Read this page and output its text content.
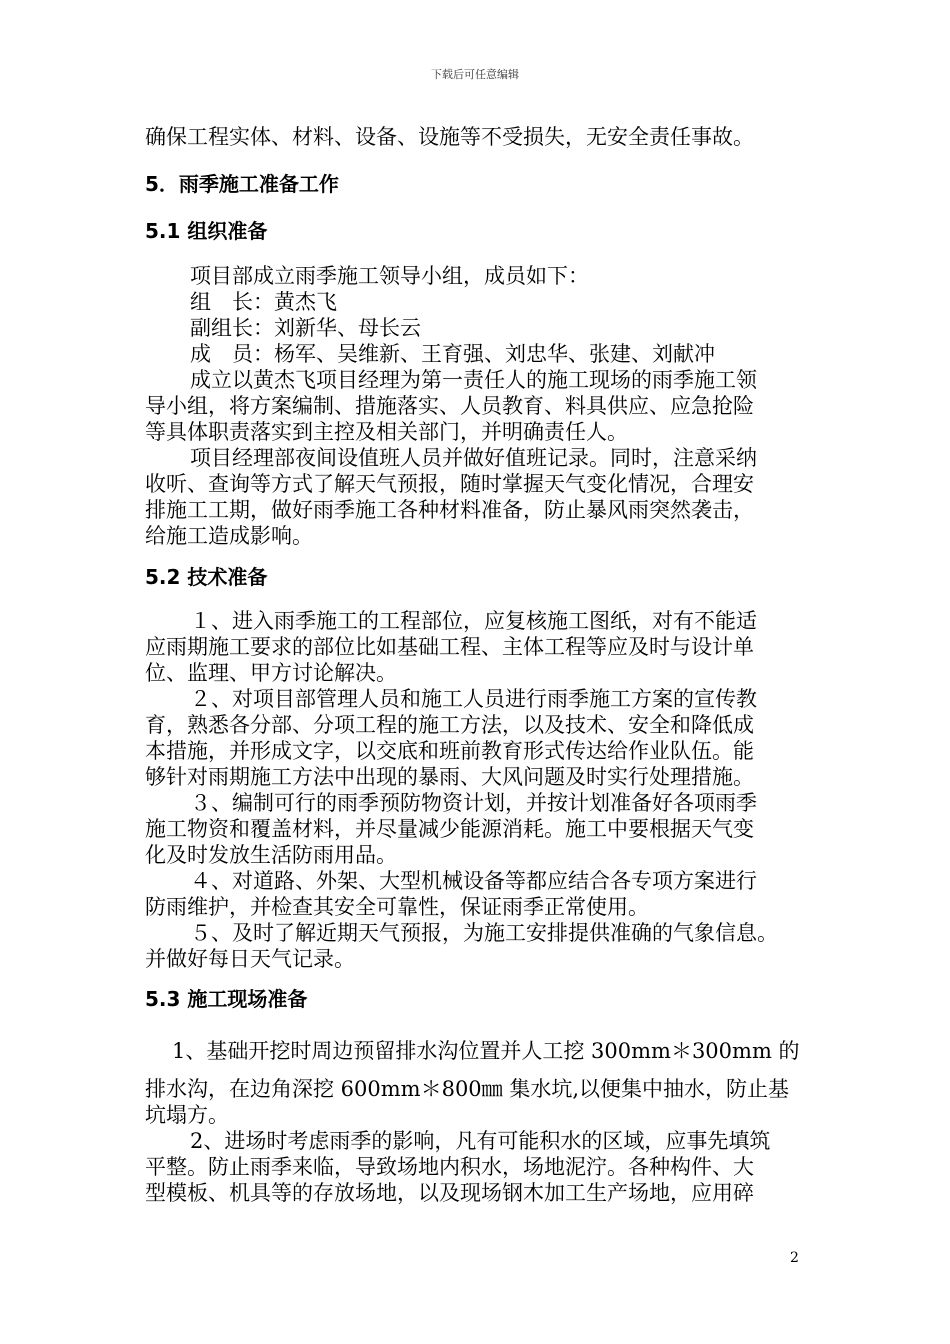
下载后可任意编辑
确保工程实体、材料、设备、设施等不受损失，无安全责任事故。
5．雨季施工准备工作
5.1 组织准备
项目部成立雨季施工领导小组，成员如下：
组　长：黄杰飞
副组长：刘新华、母长云
成　员：杨军、吴维新、王育强、刘忠华、张建、刘献冲
成立以黄杰飞项目经理为第一责任人的施工现场的雨季施工领
导小组，将方案编制、措施落实、人员教育、料具供应、应急抢险
等具体职责落实到主控及相关部门，并明确责任人。
项目经理部夜间设值班人员并做好值班记录。同时，注意采纳
收听、查询等方式了解天气预报，随时掌握天气变化情况，合理安
排施工工期，做好雨季施工各种材料准备，防止暴风雨突然袭击，
给施工造成影响。
5.2 技术准备
１、进入雨季施工的工程部位，应复核施工图纸，对有不能适
应雨期施工要求的部位比如基础工程、主体工程等应及时与设计单
位、监理、甲方讨论解决。
２、对项目部管理人员和施工人员进行雨季施工方案的宣传教
育，熟悉各分部、分项工程的施工方法，以及技术、安全和降低成
本措施，并形成文字，以交底和班前教育形式传达给作业队伍。能
够针对雨期施工方法中出现的暴雨、大风问题及时实行处理措施。
３、编制可行的雨季预防物资计划，并按计划准备好各项雨季
施工物资和覆盖材料，并尽量减少能源消耗。施工中要根据天气变
化及时发放生活防雨用品。
４、对道路、外架、大型机械设备等都应结合各专项方案进行
防雨维护，并检查其安全可靠性，保证雨季正常使用。
５、及时了解近期天气预报，为施工安排提供准确的气象信息。
并做好每日天气记录。
5.3 施工现场准备
1、基础开挖时周边预留排水沟位置并人工挖 300mm＊300mm 的
排水沟，在边角深挖 600mm＊800㎜ 集水坑,以便集中抽水，防止基
坑塌方。
2、进场时考虑雨季的影响，凡有可能积水的区域，应事先填筑
平整。防止雨季来临，导致场地内积水，场地泥泞。各种构件、大
型模板、机具等的存放场地，以及现场钢木加工生产场地，应用碎
2
